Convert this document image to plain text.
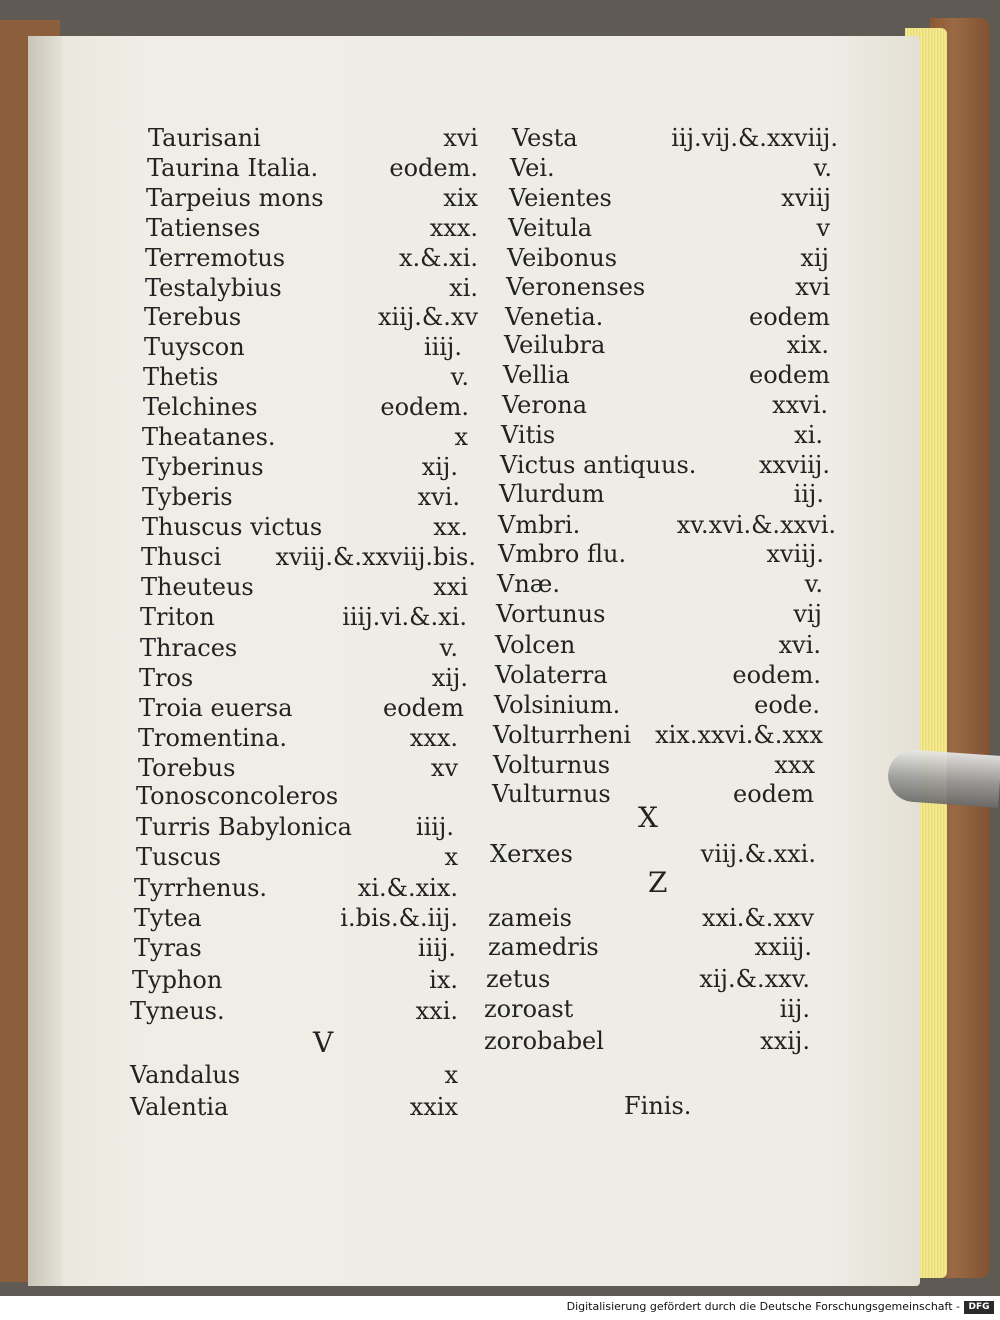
Taurisani	xvi
Taurina Italia.	eodem.
Tarpeius mons	xix
Tatienses	xxx.
Terremotus	x.&.xi.
Testalybius	xi.
Terebus	xiij.&.xv
Tuyscon	iiij.
Thetis	v.
Telchines	eodem.
Theatanes.	x
Tyberinus	xij.
Tyberis	xvi.
Thuscus victus	xx.
Thusci xviij.&.xxviij.bis.
Theuteus	xxi
Triton	iiij.vi.&.xi.
Thraces	v.
Tros	xij.
Troia euersa	eodem
Tromentina.	xxx.
Torebus	xv
Tonosconcoleros
Turris Babylonica	iiij.
Tuscus	x
Tyrrhenus.	xi.&.xix.
Tytea	i.bis.&.iij.
Tyras	iiij.
Typhon	ix.
Tyneus.	xxi.
V
Vandalus	x
Valentia	xxix
Vesta	iij.vij.&.xxviij.
Vei.	v.
Veientes	xviij
Veitula	v
Veibonus	xij
Veronenses	xvi
Venetia.	eodem
Veilubra	xix.
Vellia	eodem
Verona	xxvi.
Vitis	xi.
Victus antiquus.	xxviij.
Vlurdum	iij.
Vmbri.	xv.xvi.&.xxvi.
Vmbro flu.	xviij.
Vnæ.	v.
Vortunus	vij
Volcen	xvi.
Volaterra	eodem.
Volsinium.	eode.
Volturrheni xix.xxvi.&.xxx
Volturnus	xxx
Vulturnus	eodem
X
Xerxes	viij.&.xxi.
Z
zameis	xxi.&.xxv
zamedris	xxiij.
zetus	xij.&.xxv.
zoroast	iij.
zorobabel	xxij.
Finis.
Digitalisierung gefördert durch die Deutsche Forschungsgemeinschaft - DFG
